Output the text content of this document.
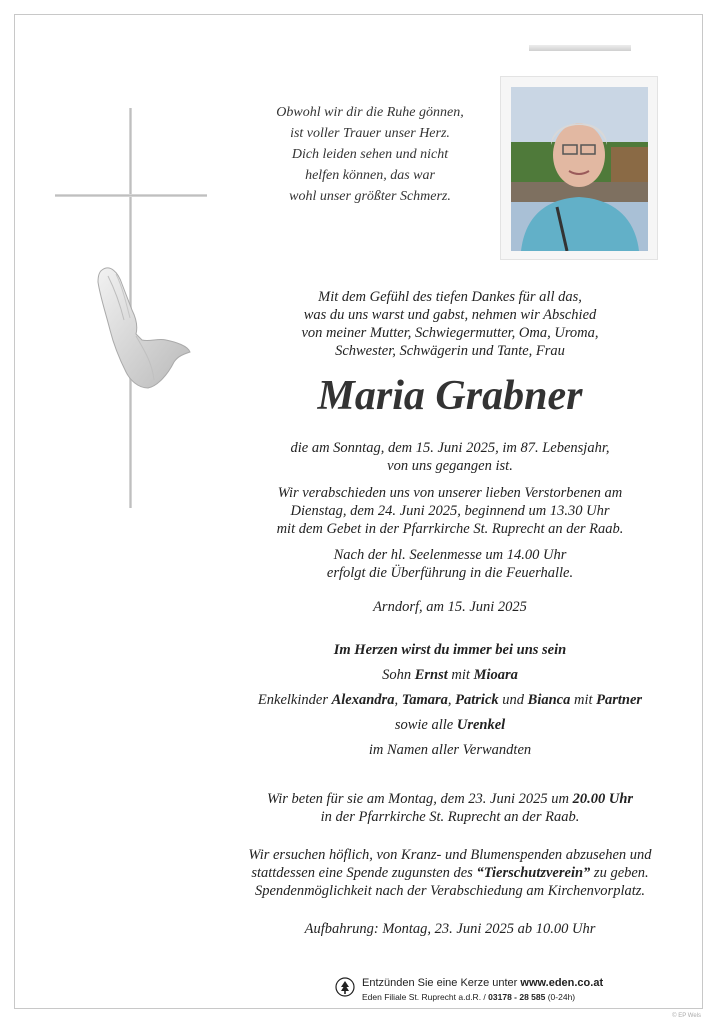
Obwohl wir dir die Ruhe gönnen,
ist voller Trauer unser Herz.
Dich leiden sehen und nicht
helfen können, das war
wohl unser größter Schmerz.
Mit dem Gefühl des tiefen Dankes für all das,
was du uns warst und gabst, nehmen wir Abschied
von meiner Mutter, Schwiegermutter, Oma, Uroma,
Schwester, Schwägerin und Tante, Frau
Maria Grabner
die am Sonntag, dem 15. Juni 2025, im 87. Lebensjahr,
von uns gegangen ist.
Wir verabschieden uns von unserer lieben Verstorbenen am
Dienstag, dem 24. Juni 2025, beginnend um 13.30 Uhr
mit dem Gebet in der Pfarrkirche St. Ruprecht an der Raab.
Nach der hl. Seelenmesse um 14.00 Uhr
erfolgt die Überführung in die Feuerhalle.
Arndorf, am 15. Juni 2025
Im Herzen wirst du immer bei uns sein
Sohn Ernst mit Mioara
Enkelkinder Alexandra, Tamara, Patrick und Bianca mit Partner
sowie alle Urenkel
im Namen aller Verwandten
Wir beten für sie am Montag, dem 23. Juni 2025 um 20.00 Uhr
in der Pfarrkirche St. Ruprecht an der Raab.
Wir ersuchen höflich, von Kranz- und Blumenspenden abzusehen und
stattdessen eine Spende zugunsten des “Tierschutzverein” zu geben.
Spendenmöglichkeit nach der Verabschiedung am Kirchenvorplatz.
Aufbahrung: Montag, 23. Juni 2025 ab 10.00 Uhr
Entzünden Sie eine Kerze unter www.eden.co.at
Eden Filiale St. Ruprecht a.d.R. / 03178 - 28 585 (0-24h)
© EP Wels
